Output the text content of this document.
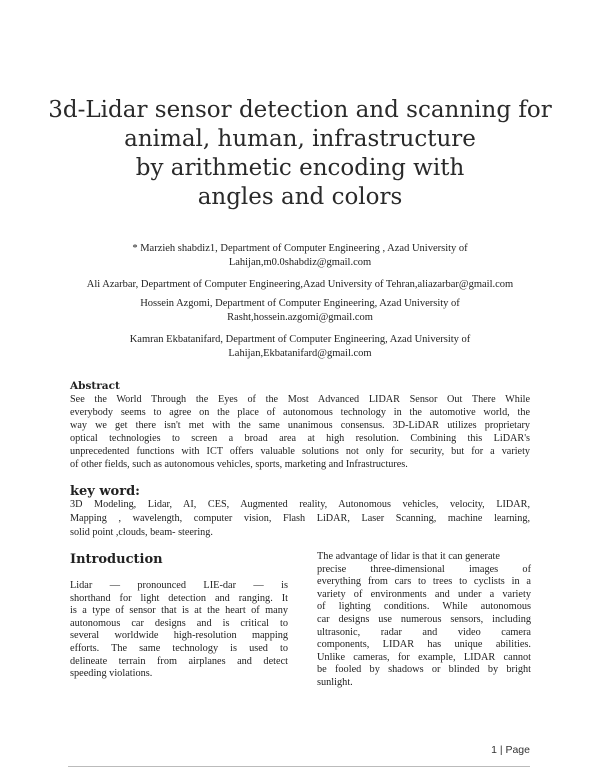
3d-Lidar sensor detection and scanning for
animal, human, infrastructure
by arithmetic encoding with
angles and colors
* Marzieh shabdiz1, Department of Computer Engineering , Azad University of
Lahijan,m0.0shabdiz@gmail.com
Ali Azarbar, Department of Computer Engineering,Azad University of Tehran,aliazarbar@gmail.com
Hossein Azgomi, Department of Computer Engineering, Azad University of
Rasht,hossein.azgomi@gmail.com
Kamran Ekbatanifard, Department of Computer Engineering, Azad University of
Lahijan,Ekbatanifard@gmail.com
Abstract
See the World Through the Eyes of the Most Advanced LIDAR Sensor Out There While
everybody seems to agree on the place of autonomous technology in the automotive world, the
way we get there isn't met with the same unanimous consensus. 3D-LiDAR utilizes proprietary
optical technologies to screen a broad area at high resolution. Combining this LiDAR's
unprecedented functions with ICT offers valuable solutions not only for security, but for a variety
of other fields, such as autonomous vehicles, sports, marketing and Infrastructures.
key word:
3D Modeling, Lidar, AI, CES, Augmented reality, Autonomous vehicles, velocity, LIDAR,
Mapping , wavelength, computer vision, Flash LiDAR, Laser Scanning, machine learning,
solid point ,clouds, beam- steering.
Introduction
Lidar — pronounced LIE-dar — is
shorthand for light detection and ranging. It
is a type of sensor that is at the heart of many
autonomous car designs and is critical to
several worldwide high-resolution mapping
efforts. The same technology is used to
delineate terrain from airplanes and detect
speeding violations.
The advantage of lidar is that it can generate
precise three-dimensional images of
everything from cars to trees to cyclists in a
variety of environments and under a variety
of lighting conditions. While autonomous
car designs use numerous sensors, including
ultrasonic, radar and video camera
components, LIDAR has unique abilities.
Unlike cameras, for example, LIDAR cannot
be fooled by shadows or blinded by bright
sunlight.
1 | Page
